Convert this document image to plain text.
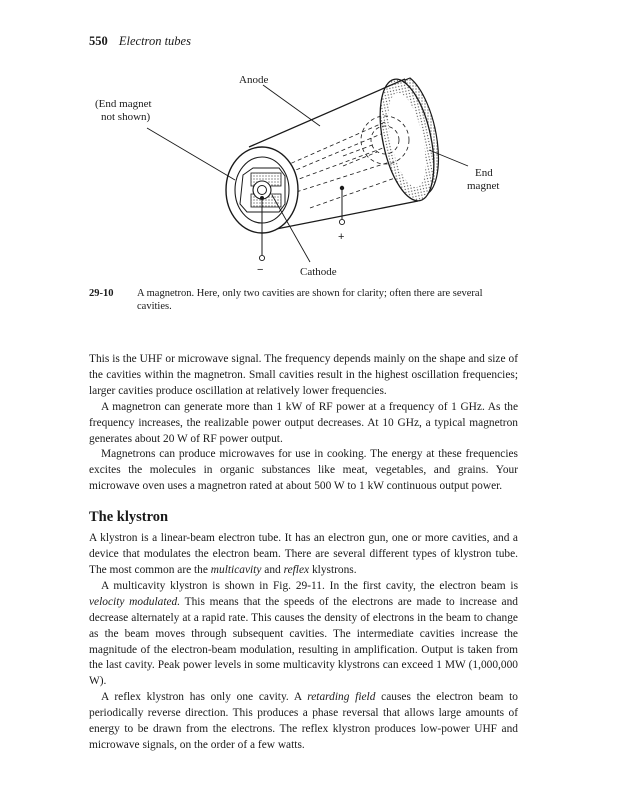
550 Electron tubes
Anode
(End magnet
not shown)
End
magnet
Cathode
+
−
29-10 A magnetron. Here, only two cavities are shown for clarity; often there are several cavities.

This is the UHF or microwave signal. The frequency depends mainly on the shape and size of the cavities within the magnetron. Small cavities result in the highest oscillation frequencies; larger cavities produce oscillation at relatively lower frequencies.

A magnetron can generate more than 1 kW of RF power at a frequency of 1 GHz. As the frequency increases, the realizable power output decreases. At 10 GHz, a typical magnetron generates about 20 W of RF power output.

Magnetrons can produce microwaves for use in cooking. The energy at these frequencies excites the molecules in organic substances like meat, vegetables, and grains. Your microwave oven uses a magnetron rated at about 500 W to 1 kW continuous output power.

The klystron

A klystron is a linear-beam electron tube. It has an electron gun, one or more cavities, and a device that modulates the electron beam. There are several different types of klystron tube. The most common are the multicavity and reflex klystrons.

A multicavity klystron is shown in Fig. 29-11. In the first cavity, the electron beam is velocity modulated. This means that the speeds of the electrons are made to increase and decrease alternately at a rapid rate. This causes the density of electrons in the beam to change as the beam moves through subsequent cavities. The intermediate cavities increase the magnitude of the electron-beam modulation, resulting in amplification. Output is taken from the last cavity. Peak power levels in some multicavity klystrons can exceed 1 MW (1,000,000 W).

A reflex klystron has only one cavity. A retarding field causes the electron beam to periodically reverse direction. This produces a phase reversal that allows large amounts of energy to be drawn from the electrons. The reflex klystron produces low-power UHF and microwave signals, on the order of a few watts.
